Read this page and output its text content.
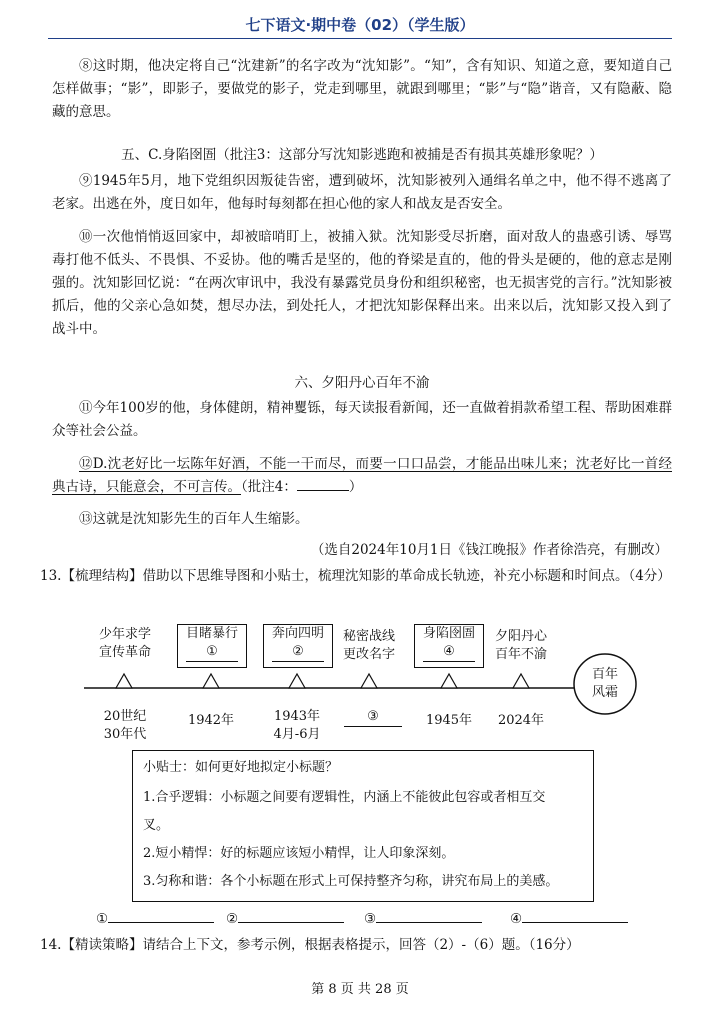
七下语文·期中卷（02）（学生版）
⑧这时期，他决定将自己“沈建新”的名字改为“沈知影”。“知”，含有知识、知道之意，要知道自己怎样做事；“影”，即影子，要做党的影子，党走到哪里，就跟到哪里；“影”与“隐”谐音，又有隐蔽、隐藏的意思。
五、C.身陷囹圄（批注3：这部分写沈知影逃跑和被捕是否有损其英雄形象呢？）
⑨1945年5月，地下党组织因叛徒告密，遭到破坏，沈知影被列入通缉名单之中，他不得不逃离了老家。出逃在外，度日如年，他每时每刻都在担心他的家人和战友是否安全。
⑩一次他悄悄返回家中，却被暗哨盯上，被捕入狱。沈知影受尽折磨，面对敌人的蛊惑引诱、辱骂毒打他不低头、不畏惧、不妥协。他的嘴舌是坚的，他的脊梁是直的，他的骨头是硬的，他的意志是刚强的。沈知影回忆说：“在两次审讯中，我没有暴露党员身份和组织秘密，也无损害党的言行。”沈知影被抓后，他的父亲心急如焚，想尽办法，到处托人，才把沈知影保释出来。出来以后，沈知影又投入到了战斗中。
六、夕阳丹心百年不渝
⑪今年100岁的他，身体健朗，精神矍铄，每天读报看新闻，还一直做着捐款希望工程、帮助困难群众等社会公益。
⑫D.沈老好比一坛陈年好酒，不能一干而尽，而要一口口品尝，才能品出味儿来；沈老好比一首经典古诗，只能意会，不可言传。（批注4：	）
⑬这就是沈知影先生的百年人生缩影。
（选自2024年10月1日《钱江晚报》作者徐浩亮，有删改）
13.【梳理结构】借助以下思维导图和小贴士，梳理沈知影的革命成长轨迹，补充小标题和时间点。（4分）
少年求学
宣传革命
目睹暴行
①
奔向四明
②
秘密战线
更改名字
身陷囹圄
④
夕阳丹心
百年不渝
百年
风霜
20世纪
30年代
1942年	1943年
4月-6月
③	1945年	2024年
小贴士：如何更好地拟定小标题？
1.合乎逻辑：小标题之间要有逻辑性，内涵上不能彼此包容或者相互交
叉。
2.短小精悍：好的标题应该短小精悍，让人印象深刻。
3.匀称和谐：各个小标题在形式上可保持整齐匀称，讲究布局上的美感。
①	②	③	④
14.【精读策略】请结合上下文，参考示例，根据表格提示，回答（2）-（6）题。（16分）
第 8 页 共 28 页
